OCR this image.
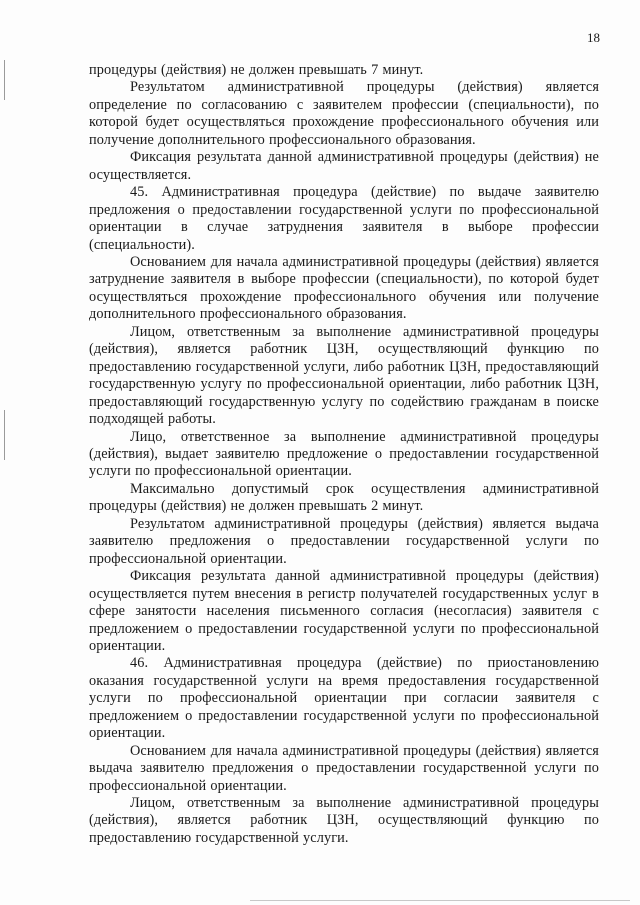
18

процедуры (действия) не должен превышать 7 минут.

Результатом административной процедуры (действия) является определение по согласованию с заявителем профессии (специальности), по которой будет осуществляться прохождение профессионального обучения или получение дополнительного профессионального образования.

Фиксация результата данной административной процедуры (действия) не осуществляется.

45. Административная процедура (действие) по выдаче заявителю предложения о предоставлении государственной услуги по профессиональной ориентации в случае затруднения заявителя в выборе профессии (специальности).

Основанием для начала административной процедуры (действия) является затруднение заявителя в выборе профессии (специальности), по которой будет осуществляться прохождение профессионального обучения или получение дополнительного профессионального образования.

Лицом, ответственным за выполнение административной процедуры (действия), является работник ЦЗН, осуществляющий функцию по предоставлению государственной услуги, либо работник ЦЗН, предоставляющий государственную услугу по профессиональной ориентации, либо работник ЦЗН, предоставляющий государственную услугу по содействию гражданам в поиске подходящей работы.

Лицо, ответственное за выполнение административной процедуры (действия), выдает заявителю предложение о предоставлении государственной услуги по профессиональной ориентации.

Максимально допустимый срок осуществления административной процедуры (действия) не должен превышать 2 минут.

Результатом административной процедуры (действия) является выдача заявителю предложения о предоставлении государственной услуги по профессиональной ориентации.

Фиксация результата данной административной процедуры (действия) осуществляется путем внесения в регистр получателей государственных услуг в сфере занятости населения письменного согласия (несогласия) заявителя с предложением о предоставлении государственной услуги по профессиональной ориентации.

46. Административная процедура (действие) по приостановлению оказания государственной услуги на время предоставления государственной услуги по профессиональной ориентации при согласии заявителя с предложением о предоставлении государственной услуги по профессиональной ориентации.

Основанием для начала административной процедуры (действия) является выдача заявителю предложения о предоставлении государственной услуги по профессиональной ориентации.

Лицом, ответственным за выполнение административной процедуры (действия), является работник ЦЗН, осуществляющий функцию по предоставлению государственной услуги.
